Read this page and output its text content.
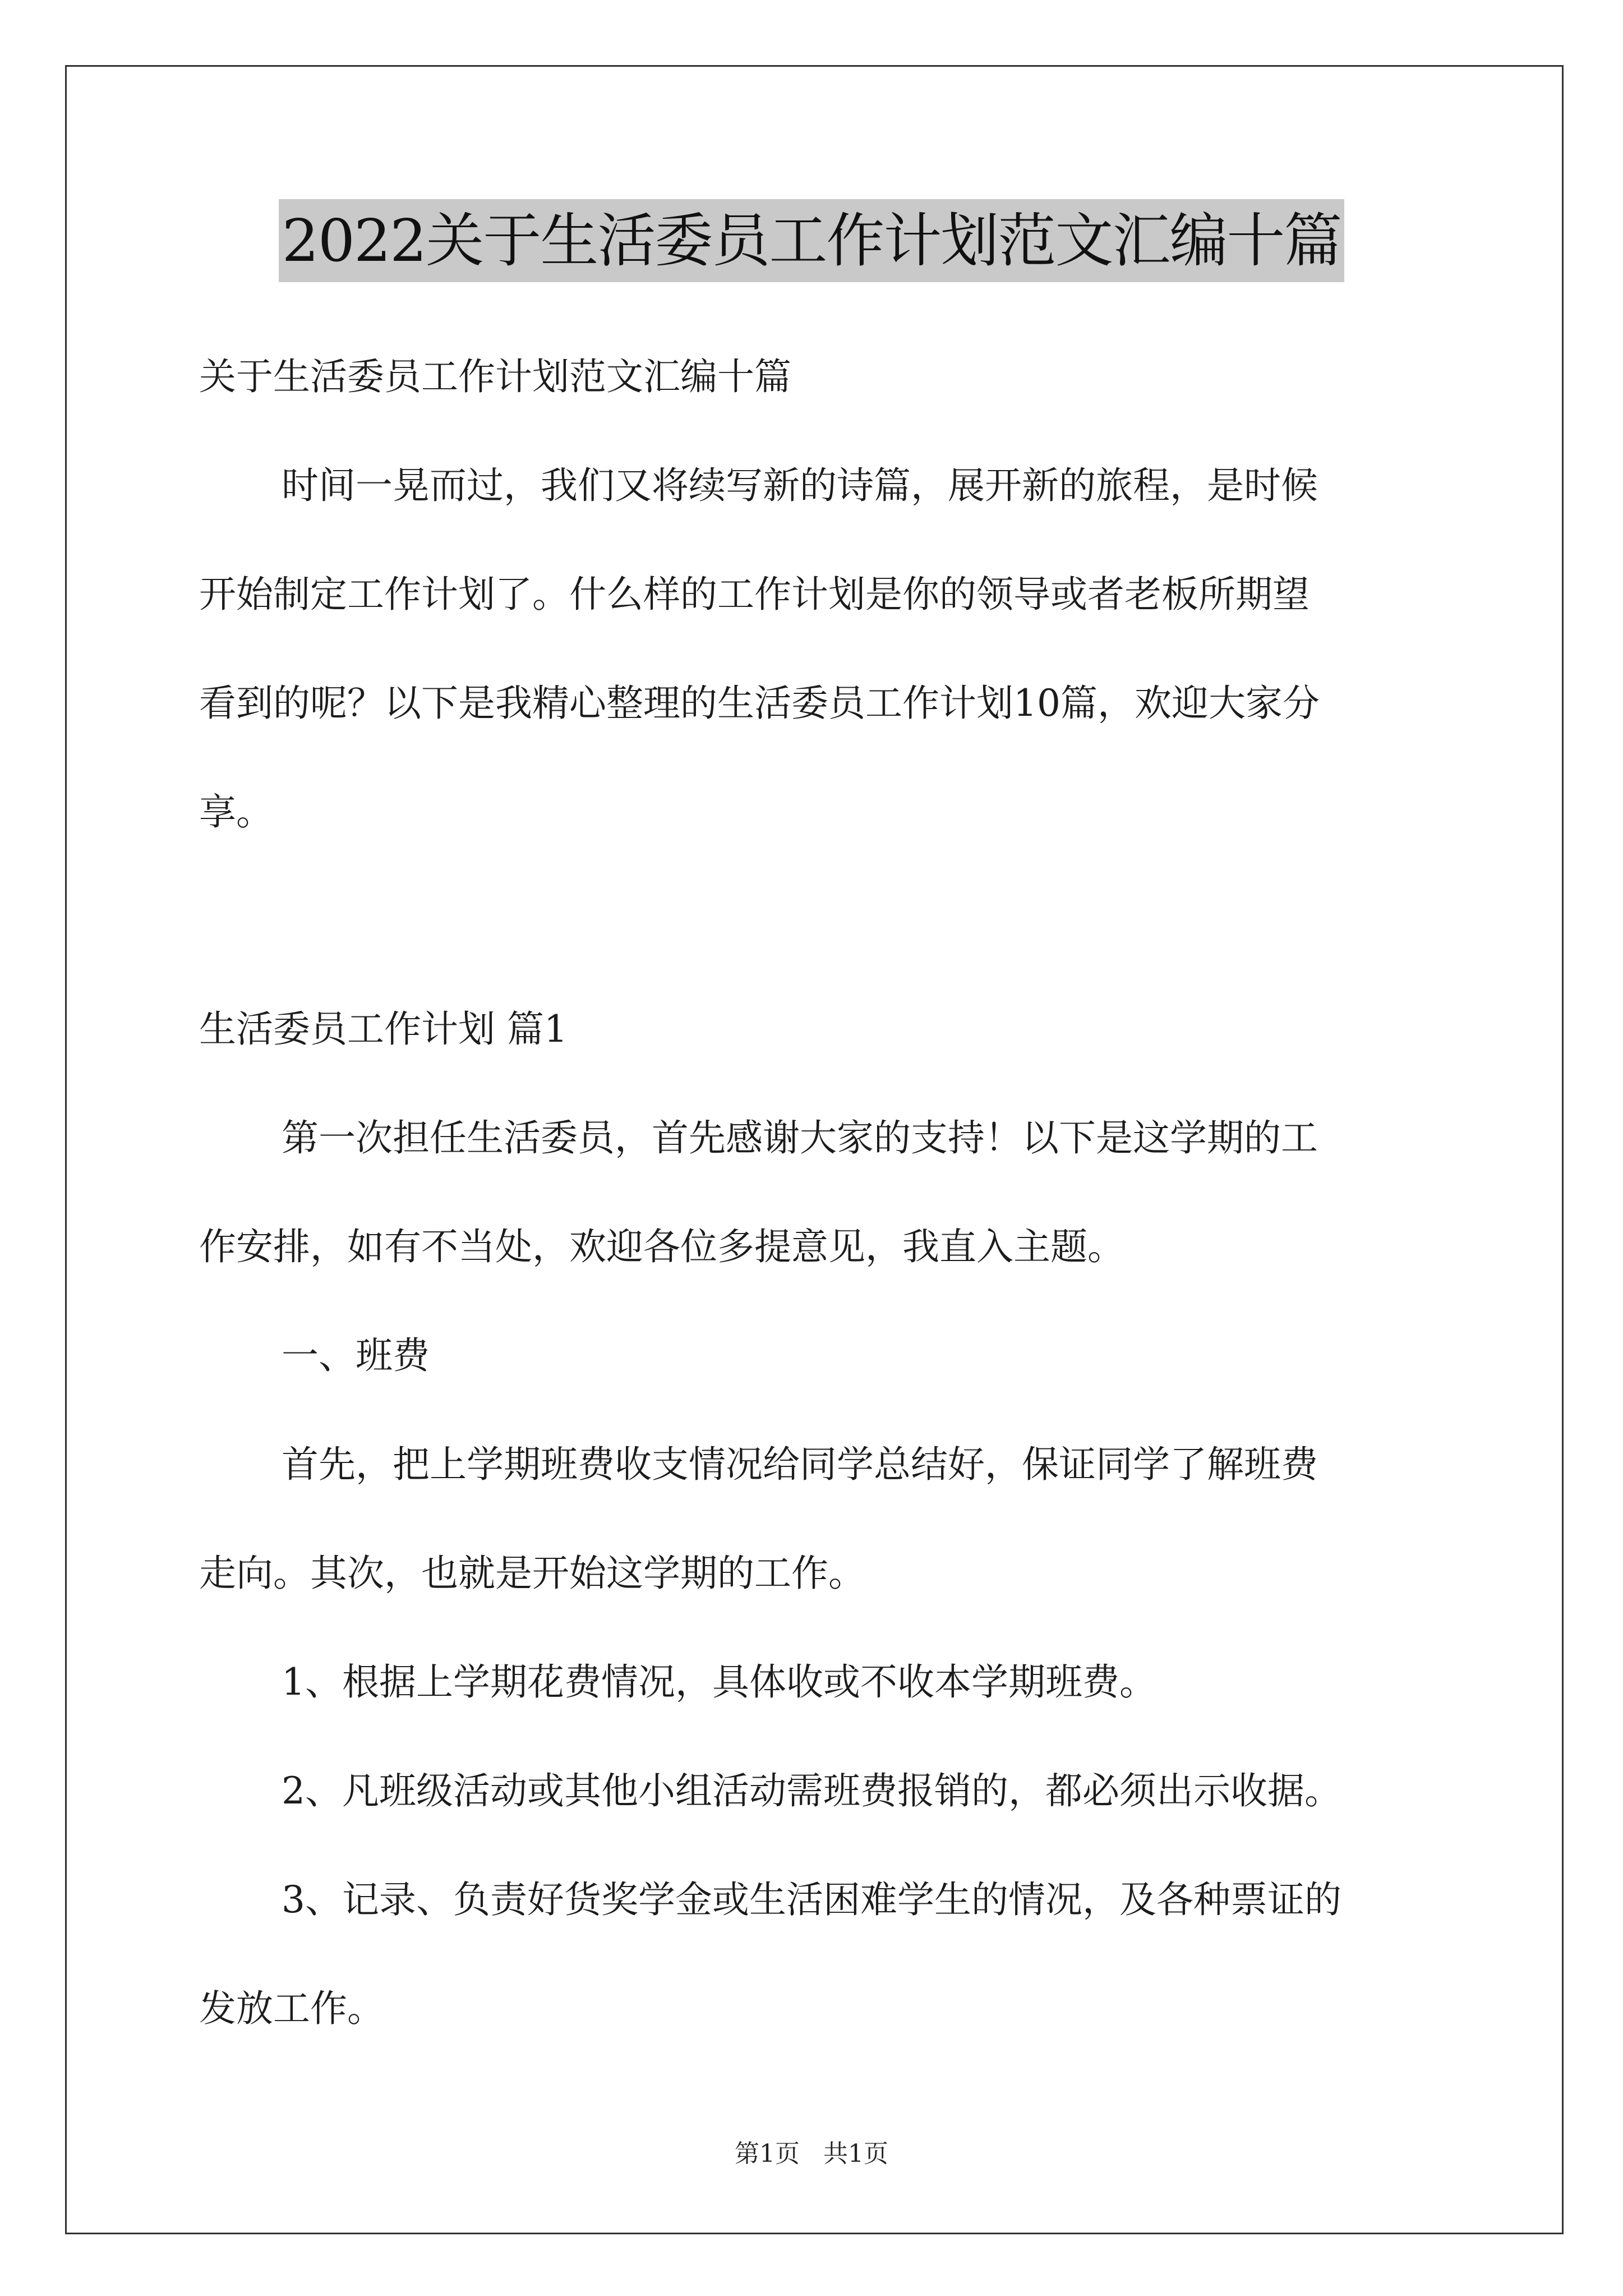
2022关于生活委员工作计划范文汇编十篇
关于生活委员工作计划范文汇编十篇
时间一晃而过，我们又将续写新的诗篇，展开新的旅程，是时候
开始制定工作计划了。什么样的工作计划是你的领导或者老板所期望
看到的呢？以下是我精心整理的生活委员工作计划10篇，欢迎大家分
享。
生活委员工作计划 篇1
第一次担任生活委员，首先感谢大家的支持！以下是这学期的工
作安排，如有不当处，欢迎各位多提意见，我直入主题。
一、班费
首先，把上学期班费收支情况给同学总结好，保证同学了解班费
走向。其次，也就是开始这学期的工作。
1、根据上学期花费情况，具体收或不收本学期班费。
2、凡班级活动或其他小组活动需班费报销的，都必须出示收据。
3、记录、负责好货奖学金或生活困难学生的情况，及各种票证的
发放工作。
第1页   共1页
